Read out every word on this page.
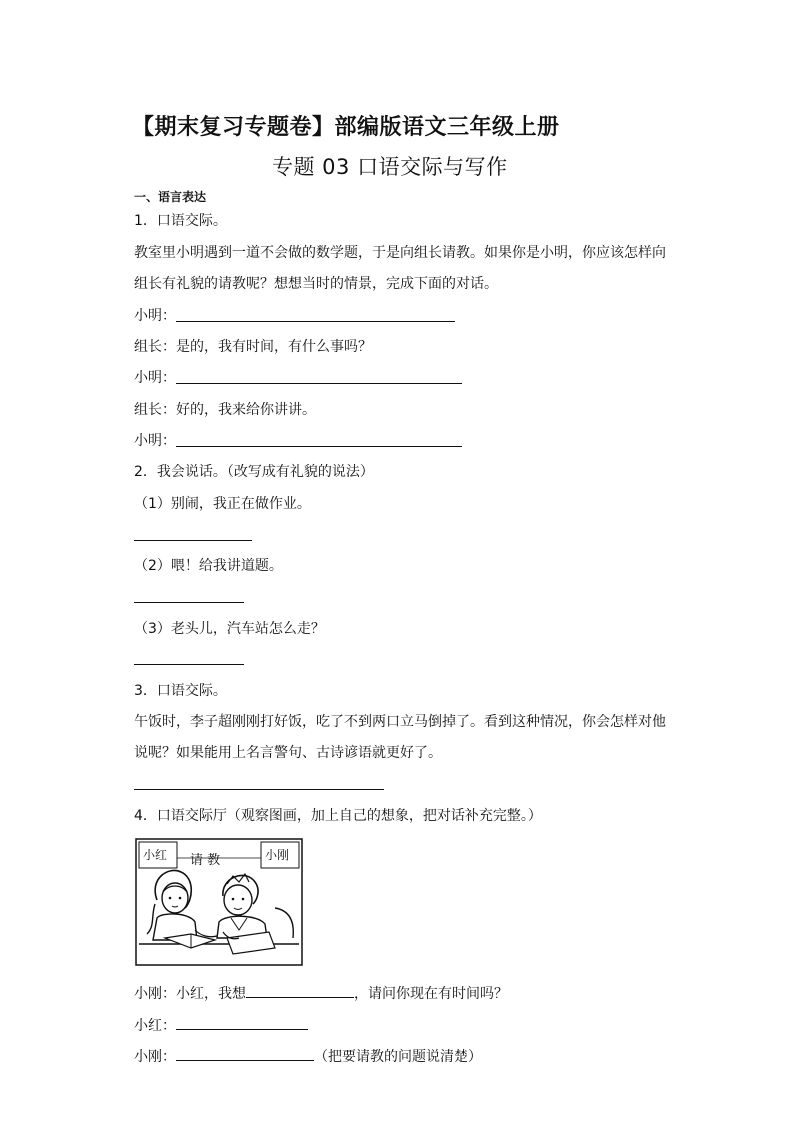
【期末复习专题卷】部编版语文三年级上册
专题 03 口语交际与写作
一、语言表达
1．口语交际。
教室里小明遇到一道不会做的数学题，于是向组长请教。如果你是小明，你应该怎样向
组长有礼貌的请教呢？想想当时的情景，完成下面的对话。
小明：
组长：是的，我有时间，有什么事吗？
小明：
组长：好的，我来给你讲讲。
小明：
2．我会说话。（改写成有礼貌的说法）
（1）别闹，我正在做作业。
（2）喂！给我讲道题。
（3）老头儿，汽车站怎么走？
3．口语交际。
午饭时，李子超刚刚打好饭，吃了不到两口立马倒掉了。看到这种情况，你会怎样对他
说呢？如果能用上名言警句、古诗谚语就更好了。
4．口语交际厅（观察图画，加上自己的想象，把对话补充完整。）
小红 请 教	小刚
小刚：小红，我想	，请问你现在有时间吗？
小红：
小刚：	（把要请教的问题说清楚）
